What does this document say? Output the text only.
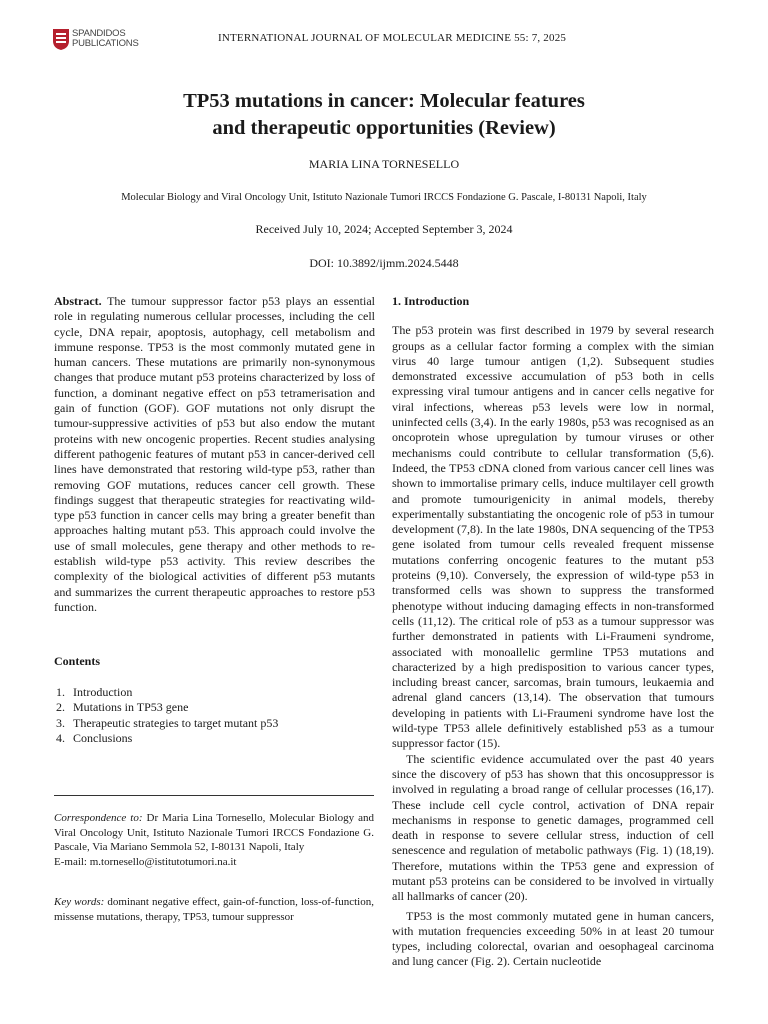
SPANDIDOS
PUBLICATIONS	INTERNATIONAL JOURNAL OF MOLECULAR MEDICINE 55: 7, 2025
TP53 mutations in cancer: Molecular features
and therapeutic opportunities (Review)
MARIA LINA TORNESELLO
Molecular Biology and Viral Oncology Unit, Istituto Nazionale Tumori IRCCS Fondazione G. Pascale, I-80131 Napoli, Italy
Received July 10, 2024; Accepted September 3, 2024
DOI: 10.3892/ijmm.2024.5448

Abstract. The tumour suppressor factor p53 plays an essential role in regulating numerous cellular processes, including the cell cycle, DNA repair, apoptosis, autophagy, cell metabolism and immune response. TP53 is the most commonly mutated gene in human cancers. These mutations are primarily non-synonymous changes that produce mutant p53 proteins characterized by loss of function, a dominant negative effect on p53 tetramerisation and gain of function (GOF). GOF mutations not only disrupt the tumour-suppressive activities of p53 but also endow the mutant proteins with new oncogenic properties. Recent studies analysing different pathogenic features of mutant p53 in cancer-derived cell lines have demonstrated that restoring wild-type p53, rather than removing GOF mutations, reduces cancer cell growth. These findings suggest that therapeutic strategies for reactivating wild-type p53 function in cancer cells may bring a greater benefit than approaches halting mutant p53. This approach could involve the use of small molecules, gene therapy and other methods to re-establish wild-type p53 activity. This review describes the complexity of the biological activities of different p53 mutants and summarizes the current therapeutic approaches to restore p53 function.

Contents
1. Introduction
2. Mutations in TP53 gene
3. Therapeutic strategies to target mutant p53
4. Conclusions
Correspondence to: Dr Maria Lina Tornesello, Molecular Biology and Viral Oncology Unit, Istituto Nazionale Tumori IRCCS Fondazione G. Pascale, Via Mariano Semmola 52, I-80131 Napoli, Italy
E-mail: m.tornesello@istitutotumori.na.it
Key words: dominant negative effect, gain-of-function, loss-of-function, missense mutations, therapy, TP53, tumour suppressor

1. Introduction

The p53 protein was first described in 1979 by several research groups as a cellular factor forming a complex with the simian virus 40 large tumour antigen (1,2). Subsequent studies demonstrated excessive accumulation of p53 both in cells expressing viral tumour antigens and in cancer cells negative for viral infections, whereas p53 levels were low in normal, uninfected cells (3,4). In the early 1980s, p53 was recognised as an oncoprotein whose upregulation by tumour viruses or other mechanisms could contribute to cellular transformation (5,6). Indeed, the TP53 cDNA cloned from various cancer cell lines was shown to immortalise primary cells, induce multilayer cell growth and promote tumourigenicity in animal models, thereby experimentally substantiating the oncogenic role of p53 in tumour development (7,8). In the late 1980s, DNA sequencing of the TP53 gene isolated from tumour cells revealed frequent missense mutations conferring oncogenic features to the mutant p53 proteins (9,10). Conversely, the expression of wild-type p53 in transformed cells was shown to suppress the transformed phenotype without inducing damaging effects in non-transformed cells (11,12). The critical role of p53 as a tumour suppressor was further demonstrated in patients with Li-Fraumeni syndrome, associated with monoallelic germline TP53 mutations and characterized by a high predisposition to various cancer types, including breast cancer, sarcomas, brain tumours, leukaemia and adrenal gland cancers (13,14). The observation that tumours developing in patients with Li-Fraumeni syndrome have lost the wild-type TP53 allele definitively established p53 as a tumour suppressor factor (15).

The scientific evidence accumulated over the past 40 years since the discovery of p53 has shown that this oncosuppressor is involved in regulating a broad range of cellular processes (16,17). These include cell cycle control, activation of DNA repair mechanisms in response to genetic damages, programmed cell death in response to severe cellular stress, induction of cell senescence and regulation of metabolic pathways (Fig. 1) (18,19). Therefore, mutations within the TP53 gene and expression of mutant p53 proteins can be considered to be involved in virtually all hallmarks of cancer (20).

TP53 is the most commonly mutated gene in human cancers, with mutation frequencies exceeding 50% in at least 20 tumour types, including colorectal, ovarian and oesophageal carcinoma and lung cancer (Fig. 2). Certain nucleotide
